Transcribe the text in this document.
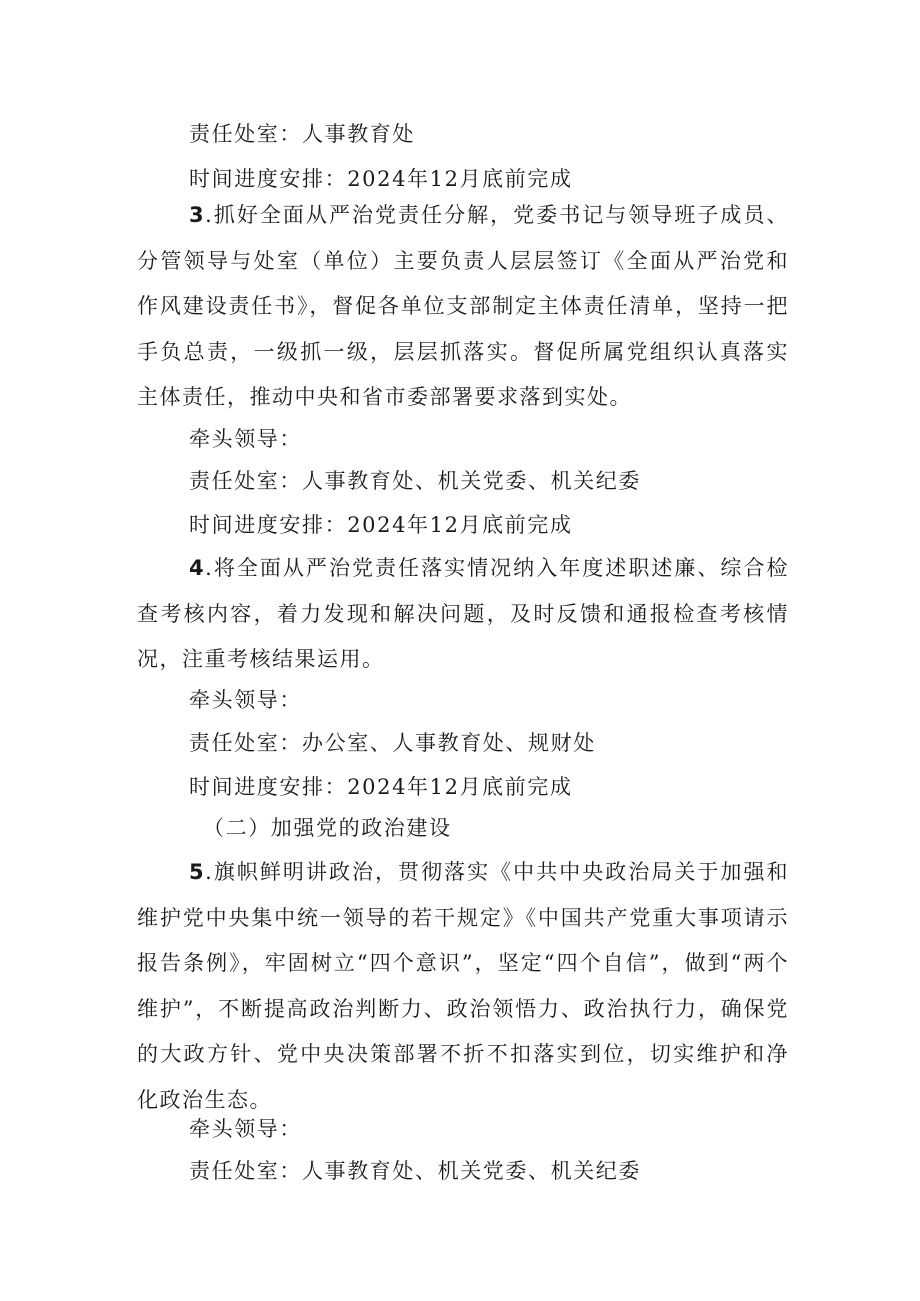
责任处室：人事教育处
时间进度安排：2024年12月底前完成

3.抓好全面从严治党责任分解，党委书记与领导班子成员、分管领导与处室（单位）主要负责人层层签订《全面从严治党和作风建设责任书》，督促各单位支部制定主体责任清单，坚持一把手负总责，一级抓一级，层层抓落实。督促所属党组织认真落实主体责任，推动中央和省市委部署要求落到实处。

牵头领导：
责任处室：人事教育处、机关党委、机关纪委
时间进度安排：2024年12月底前完成

4.将全面从严治党责任落实情况纳入年度述职述廉、综合检查考核内容，着力发现和解决问题，及时反馈和通报检查考核情况，注重考核结果运用。

牵头领导：
责任处室：办公室、人事教育处、规财处
时间进度安排：2024年12月底前完成
（二）加强党的政治建设

5.旗帜鲜明讲政治，贯彻落实《中共中央政治局关于加强和维护党中央集中统一领导的若干规定》《中国共产党重大事项请示报告条例》，牢固树立“四个意识”，坚定“四个自信”，做到“两个维护”，不断提高政治判断力、政治领悟力、政治执行力，确保党的大政方针、党中央决策部署不折不扣落实到位，切实维护和净化政治生态。

牵头领导：
责任处室：人事教育处、机关党委、机关纪委
